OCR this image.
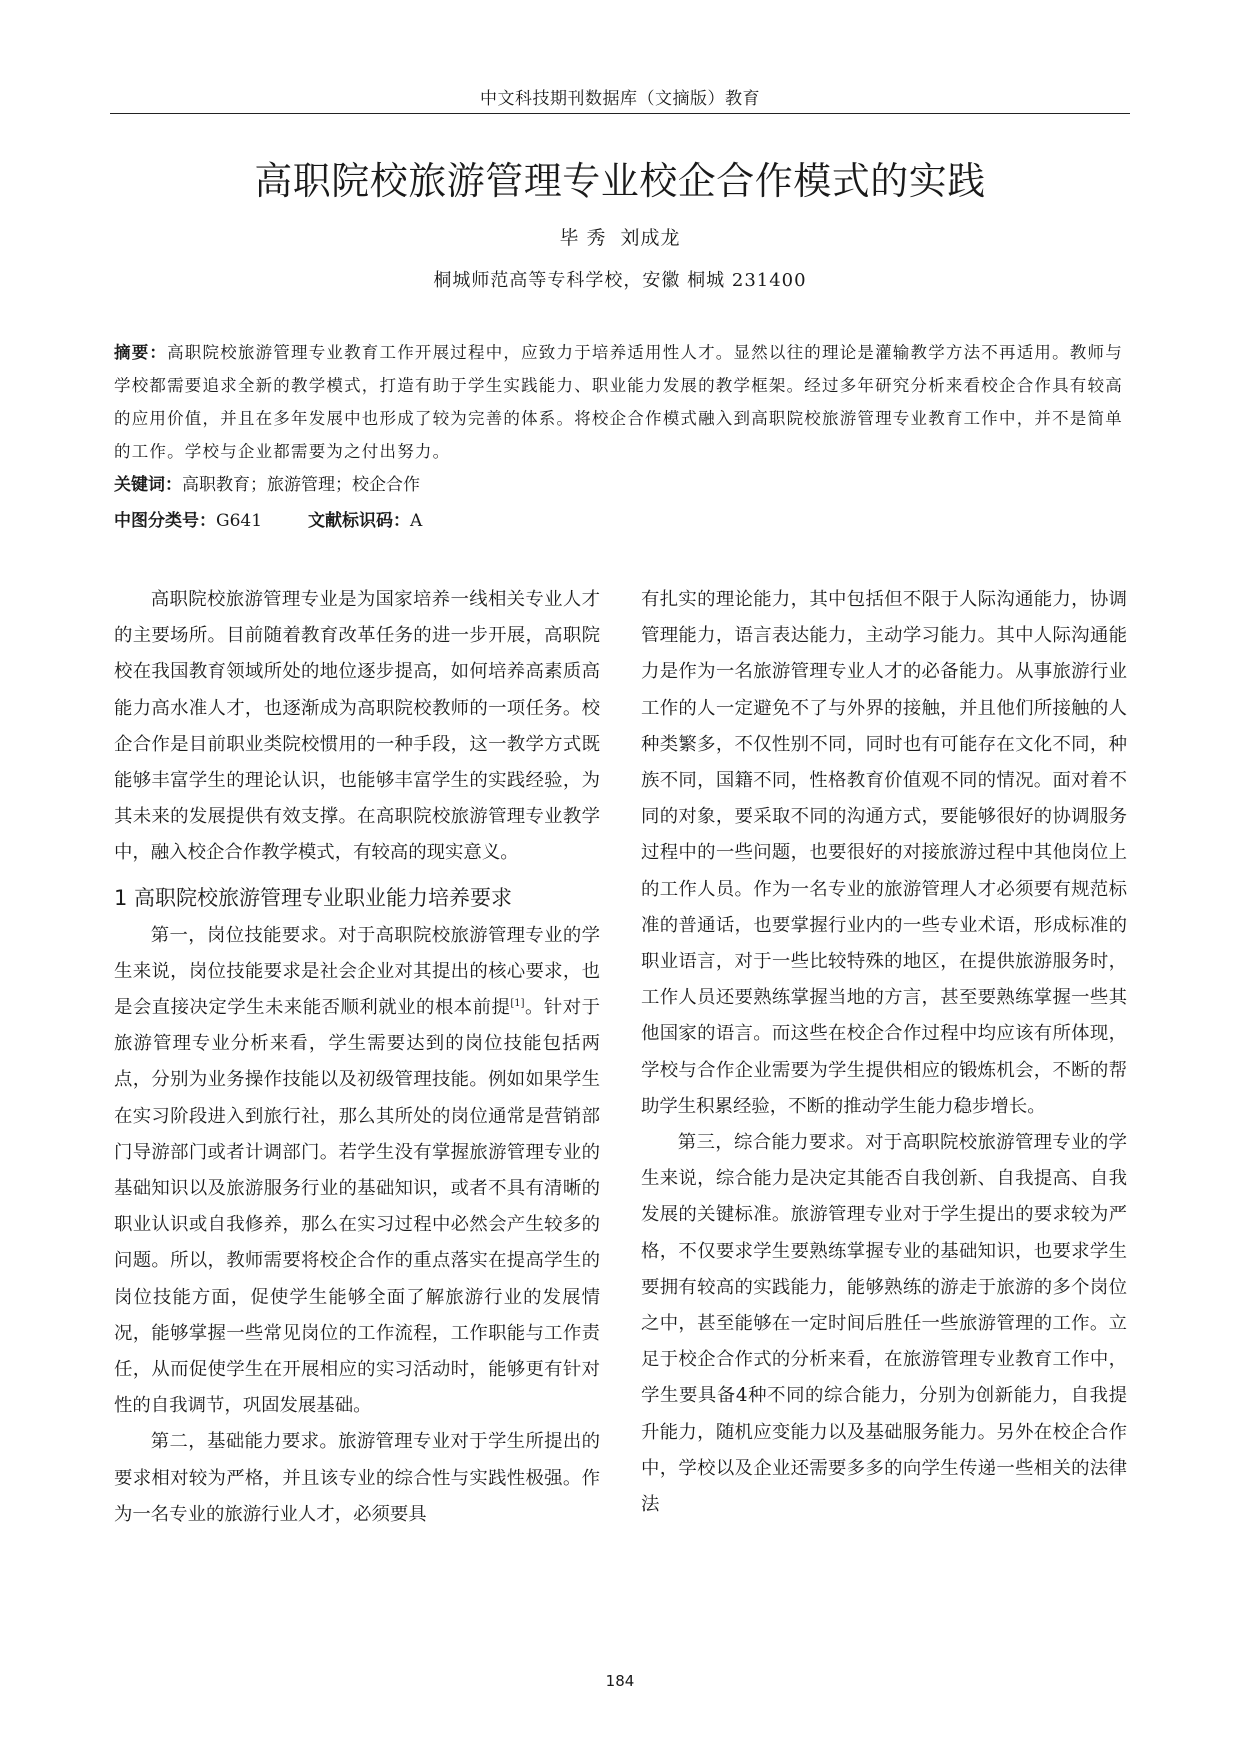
中文科技期刊数据库（文摘版）教育
高职院校旅游管理专业校企合作模式的实践
毕 秀  刘成龙
桐城师范高等专科学校，安徽 桐城 231400

摘要：高职院校旅游管理专业教育工作开展过程中，应致力于培养适用性人才。显然以往的理论是灌输教学方法不再适用。教师与学校都需要追求全新的教学模式，打造有助于学生实践能力、职业能力发展的教学框架。经过多年研究分析来看校企合作具有较高的应用价值，并且在多年发展中也形成了较为完善的体系。将校企合作模式融入到高职院校旅游管理专业教育工作中，并不是简单的工作。学校与企业都需要为之付出努力。

关键词：高职教育；旅游管理；校企合作
中图分类号：G641	文献标识码：A

高职院校旅游管理专业是为国家培养一线相关专业人才的主要场所。目前随着教育改革任务的进一步开展，高职院校在我国教育领域所处的地位逐步提高，如何培养高素质高能力高水准人才，也逐渐成为高职院校教师的一项任务。校企合作是目前职业类院校惯用的一种手段，这一教学方式既能够丰富学生的理论认识，也能够丰富学生的实践经验，为其未来的发展提供有效支撑。在高职院校旅游管理专业教学中，融入校企合作教学模式，有较高的现实意义。

1 高职院校旅游管理专业职业能力培养要求

第一，岗位技能要求。对于高职院校旅游管理专业的学生来说，岗位技能要求是社会企业对其提出的核心要求，也是会直接决定学生未来能否顺利就业的根本前提[1]。针对于旅游管理专业分析来看，学生需要达到的岗位技能包括两点，分别为业务操作技能以及初级管理技能。例如如果学生在实习阶段进入到旅行社，那么其所处的岗位通常是营销部门导游部门或者计调部门。若学生没有掌握旅游管理专业的基础知识以及旅游服务行业的基础知识，或者不具有清晰的职业认识或自我修养，那么在实习过程中必然会产生较多的问题。所以，教师需要将校企合作的重点落实在提高学生的岗位技能方面，促使学生能够全面了解旅游行业的发展情况，能够掌握一些常见岗位的工作流程，工作职能与工作责任，从而促使学生在开展相应的实习活动时，能够更有针对性的自我调节，巩固发展基础。

第二，基础能力要求。旅游管理专业对于学生所提出的要求相对较为严格，并且该专业的综合性与实践性极强。作为一名专业的旅游行业人才，必须要具

有扎实的理论能力，其中包括但不限于人际沟通能力，协调管理能力，语言表达能力，主动学习能力。其中人际沟通能力是作为一名旅游管理专业人才的必备能力。从事旅游行业工作的人一定避免不了与外界的接触，并且他们所接触的人种类繁多，不仅性别不同，同时也有可能存在文化不同，种族不同，国籍不同，性格教育价值观不同的情况。面对着不同的对象，要采取不同的沟通方式，要能够很好的协调服务过程中的一些问题，也要很好的对接旅游过程中其他岗位上的工作人员。作为一名专业的旅游管理人才必须要有规范标准的普通话，也要掌握行业内的一些专业术语，形成标准的职业语言，对于一些比较特殊的地区，在提供旅游服务时，工作人员还要熟练掌握当地的方言，甚至要熟练掌握一些其他国家的语言。而这些在校企合作过程中均应该有所体现，学校与合作企业需要为学生提供相应的锻炼机会，不断的帮助学生积累经验，不断的推动学生能力稳步增长。

第三，综合能力要求。对于高职院校旅游管理专业的学生来说，综合能力是决定其能否自我创新、自我提高、自我发展的关键标准。旅游管理专业对于学生提出的要求较为严格，不仅要求学生要熟练掌握专业的基础知识，也要求学生要拥有较高的实践能力，能够熟练的游走于旅游的多个岗位之中，甚至能够在一定时间后胜任一些旅游管理的工作。立足于校企合作式的分析来看，在旅游管理专业教育工作中，学生要具备4种不同的综合能力，分别为创新能力，自我提升能力，随机应变能力以及基础服务能力。另外在校企合作中，学校以及企业还需要多多的向学生传递一些相关的法律法

184
